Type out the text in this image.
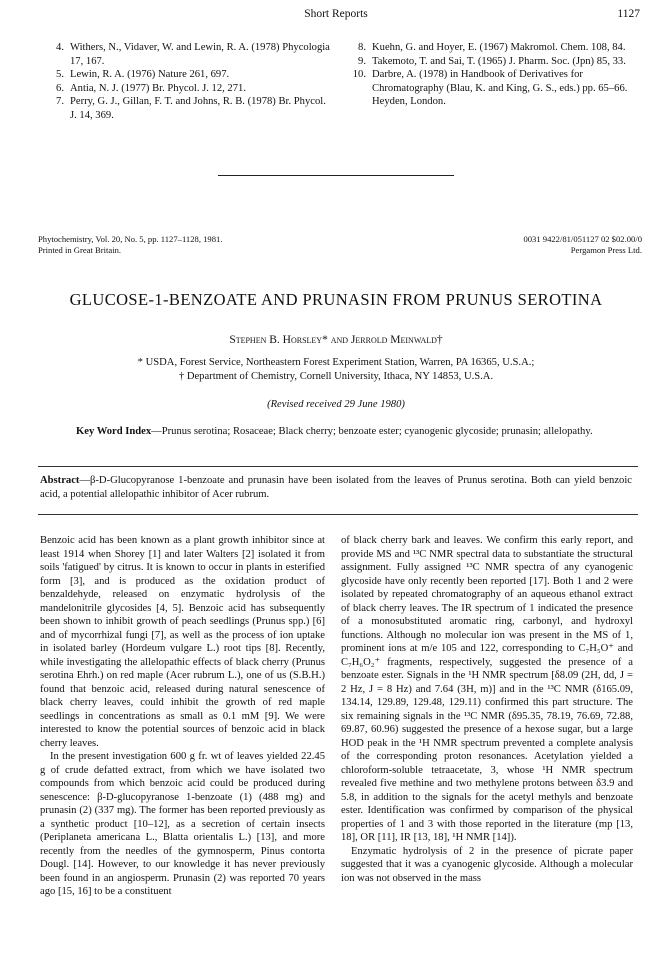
Short Reports	1127
4. Withers, N., Vidaver, W. and Lewin, R. A. (1978) Phycologia 17, 167.
5. Lewin, R. A. (1976) Nature 261, 697.
6. Antia, N. J. (1977) Br. Phycol. J. 12, 271.
7. Perry, G. J., Gillan, F. T. and Johns, R. B. (1978) Br. Phycol. J. 14, 369.
8. Kuehn, G. and Hoyer, E. (1967) Makromol. Chem. 108, 84.
9. Takemoto, T. and Sai, T. (1965) J. Pharm. Soc. (Jpn) 85, 33.
10. Darbre, A. (1978) in Handbook of Derivatives for Chromatography (Blau, K. and King, G. S., eds.) pp. 65–66. Heyden, London.
Phytochemistry, Vol. 20, No. 5, pp. 1127–1128, 1981.
Printed in Great Britain.
0031 9422/81/051127 02 $02.00/0
Pergamon Press Ltd.
GLUCOSE-1-BENZOATE AND PRUNASIN FROM PRUNUS SEROTINA
Stephen B. Horsley* and Jerrold Meinwald†
* USDA, Forest Service, Northeastern Forest Experiment Station, Warren, PA 16365, U.S.A.;
† Department of Chemistry, Cornell University, Ithaca, NY 14853, U.S.A.
(Revised received 29 June 1980)
Key Word Index—Prunus serotina; Rosaceae; Black cherry; benzoate ester; cyanogenic glycoside; prunasin; allelopathy.
Abstract—β-D-Glucopyranose 1-benzoate and prunasin have been isolated from the leaves of Prunus serotina. Both can yield benzoic acid, a potential allelopathic inhibitor of Acer rubrum.

Benzoic acid has been known as a plant growth inhibitor since at least 1914 when Shorey [1] and later Walters [2] isolated it from soils 'fatigued' by citrus. It is known to occur in plants in esterified form [3], and is produced as the oxidation product of benzaldehyde, released on enzymatic hydrolysis of the mandelonitrile glycosides [4, 5]. Benzoic acid has subsequently been shown to inhibit growth of peach seedlings (Prunus spp.) [6] and of mycorrhizal fungi [7], as well as the process of ion uptake in isolated barley (Hordeum vulgare L.) root tips [8]. Recently, while investigating the allelopathic effects of black cherry (Prunus serotina Ehrh.) on red maple (Acer rubrum L.), one of us (S.B.H.) found that benzoic acid, released during natural senescence of black cherry leaves, could inhibit the growth of red maple seedlings in concentrations as small as 0.1 mM [9]. We were interested to know the potential sources of benzoic acid in black cherry leaves.

In the present investigation 600 g fr. wt of leaves yielded 22.45 g of crude defatted extract, from which we have isolated two compounds from which benzoic acid could be produced during senescence: β-D-glucopyranose 1-benzoate (1) (488 mg) and prunasin (2) (337 mg). The former has been reported previously as a synthetic product [10–12], as a secretion of certain insects (Periplaneta americana L., Blatta orientalis L.) [13], and more recently from the needles of the gymnosperm, Pinus contorta Dougl. [14]. However, to our knowledge it has never previously been found in an angiosperm. Prunasin (2) was reported 70 years ago [15, 16] to be a constituent

of black cherry bark and leaves. We confirm this early report, and provide MS and ¹³C NMR spectral data to substantiate the structural assignment. Fully assigned ¹³C NMR spectra of any cyanogenic glycoside have only recently been reported [17]. Both 1 and 2 were isolated by repeated chromatography of an aqueous ethanol extract of black cherry leaves. The IR spectrum of 1 indicated the presence of a monosubstituted aromatic ring, carbonyl, and hydroxyl functions. Although no molecular ion was present in the MS of 1, prominent ions at m/e 105 and 122, corresponding to C₇H₅O⁺ and C₇H₆O₂⁺ fragments, respectively, suggested the presence of a benzoate ester. Signals in the ¹H NMR spectrum [δ8.09 (2H, dd, J = 2 Hz, J = 8 Hz) and 7.64 (3H, m)] and in the ¹³C NMR (δ165.09, 134.14, 129.89, 129.48, 129.11) confirmed this part structure. The six remaining signals in the ¹³C NMR (δ95.35, 78.19, 76.69, 72.88, 69.87, 60.96) suggested the presence of a hexose sugar, but a large HOD peak in the ¹H NMR spectrum prevented a complete analysis of the corresponding proton resonances. Acetylation yielded a chloroform-soluble tetraacetate, 3, whose ¹H NMR spectrum revealed five methine and two methylene protons between δ3.9 and 5.8, in addition to the signals for the acetyl methyls and benzoate ester. Identification was confirmed by comparison of the physical properties of 1 and 3 with those reported in the literature (mp [13, 18], OR [11], IR [13, 18], ¹H NMR [14]).

Enzymatic hydrolysis of 2 in the presence of picrate paper suggested that it was a cyanogenic glycoside. Although a molecular ion was not observed in the mass
